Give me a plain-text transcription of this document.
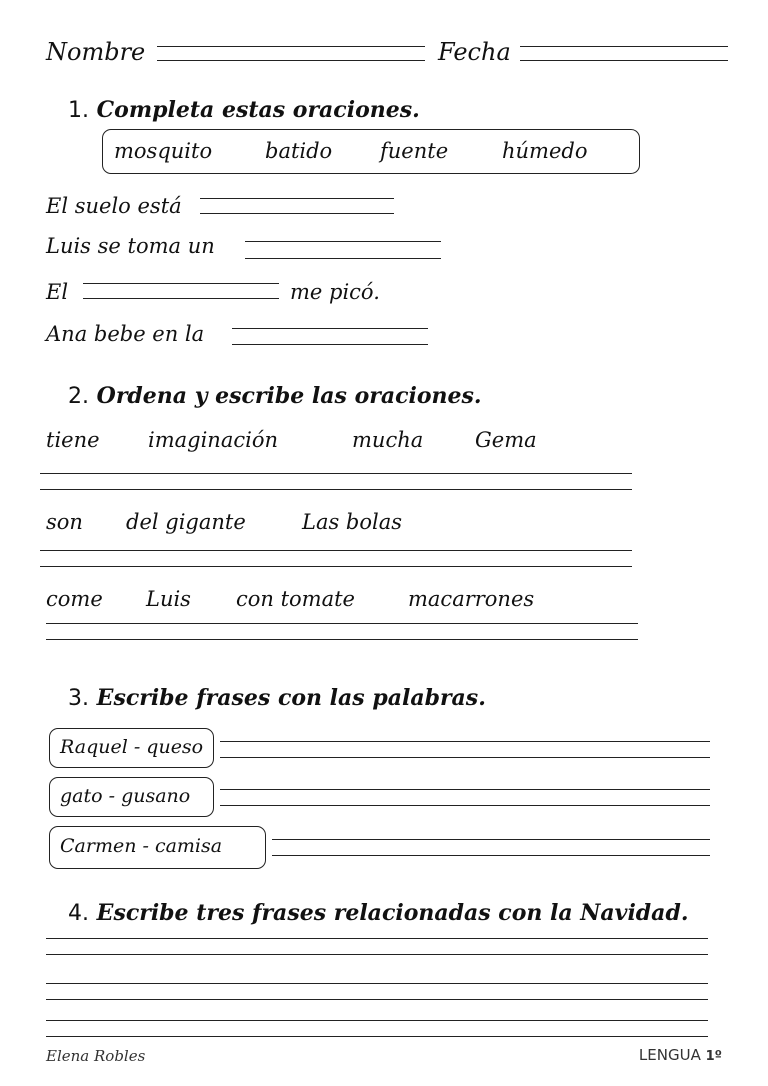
Nombre	Fecha
1. Completa estas oraciones.
mosquito	batido fuente	húmedo
El suelo está
Luis se toma un
El	me picó.
Ana bebe en la
2. Ordena y escribe las oraciones.
tiene imaginación	mucha Gema
son del gigante	Las bolas
come Luis con tomate	macarrones
3. Escribe frases con las palabras.
Raquel - queso
gato - gusano
Carmen - camisa
4. Escribe tres frases relacionadas con la Navidad.
Elena Robles	LENGUA 1º
